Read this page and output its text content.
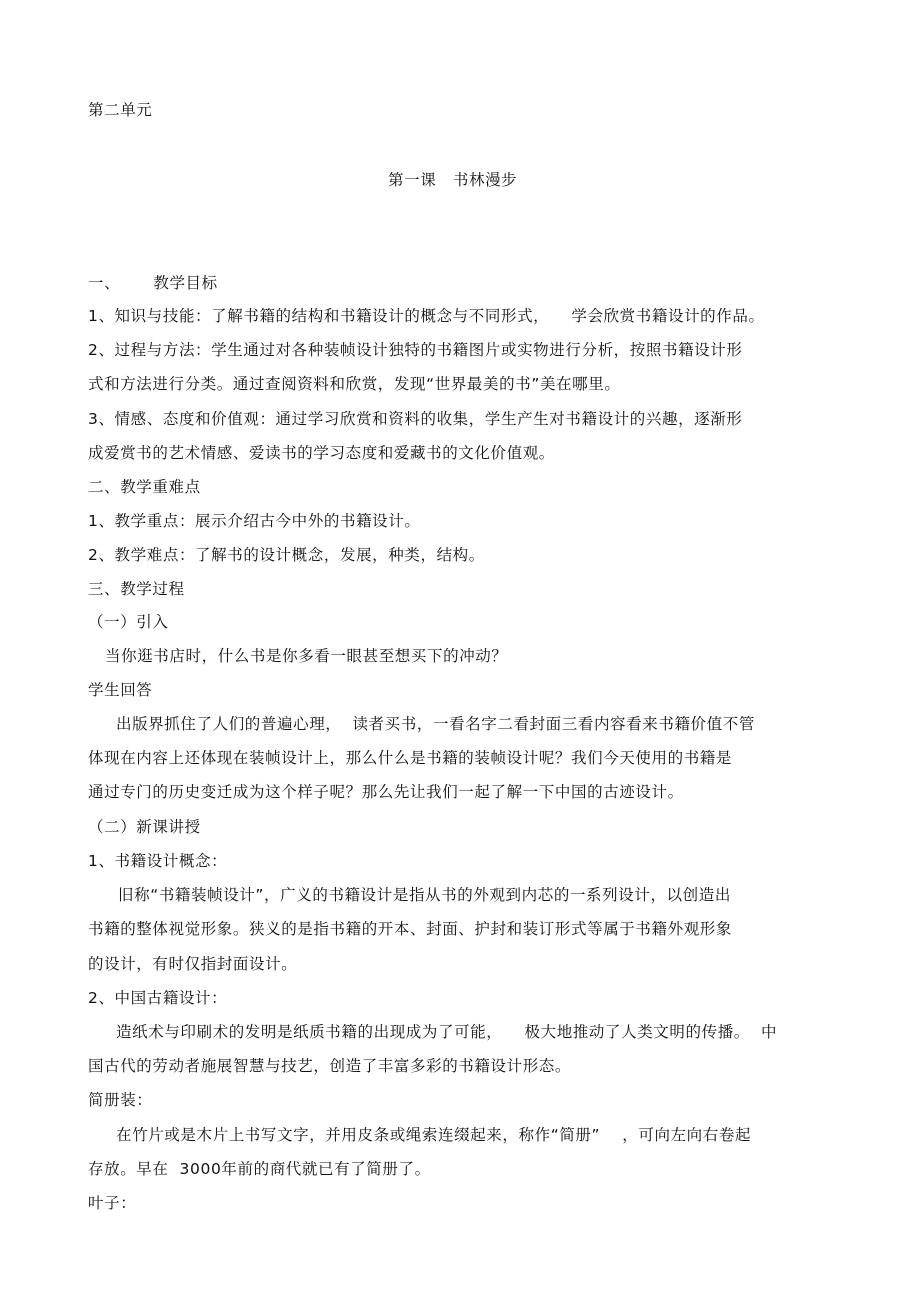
第二单元
第一课   书林漫步
一、      教学目标
1、知识与技能：了解书籍的结构和书籍设计的概念与不同形式，    学会欣赏书籍设计的作品。
2、过程与方法：学生通过对各种装帧设计独特的书籍图片或实物进行分析，按照书籍设计形
式和方法进行分类。通过查阅资料和欣赏，发现“世界最美的书”美在哪里。
3、情感、态度和价值观：通过学习欣赏和资料的收集，学生产生对书籍设计的兴趣，逐渐形
成爱赏书的艺术情感、爱读书的学习态度和爱藏书的文化价值观。
二、教学重难点
1、教学重点：展示介绍古今中外的书籍设计。
2、教学难点：了解书的设计概念，发展，种类，结构。
三、教学过程
（一）引入
当你逛书店时，什么书是你多看一眼甚至想买下的冲动？
学生回答
出版界抓住了人们的普遍心理，  读者买书，一看名字二看封面三看内容看来书籍价值不管
体现在内容上还体现在装帧设计上，那么什么是书籍的装帧设计呢？我们今天使用的书籍是
通过专门的历史变迁成为这个样子呢？那么先让我们一起了解一下中国的古迹设计。
（二）新课讲授
1、书籍设计概念：
旧称“书籍装帧设计”，广义的书籍设计是指从书的外观到内芯的一系列设计，以创造出
书籍的整体视觉形象。狭义的是指书籍的开本、封面、护封和装订形式等属于书籍外观形象
的设计，有时仅指封面设计。
2、中国古籍设计：
造纸术与印刷术的发明是纸质书籍的出现成为了可能，    极大地推动了人类文明的传播。  中
国古代的劳动者施展智慧与技艺，创造了丰富多彩的书籍设计形态。
简册装：
在竹片或是木片上书写文字，并用皮条或绳索连缀起来，称作“简册”    ，可向左向右卷起
存放。早在  3000年前的商代就已有了简册了。
叶子：
